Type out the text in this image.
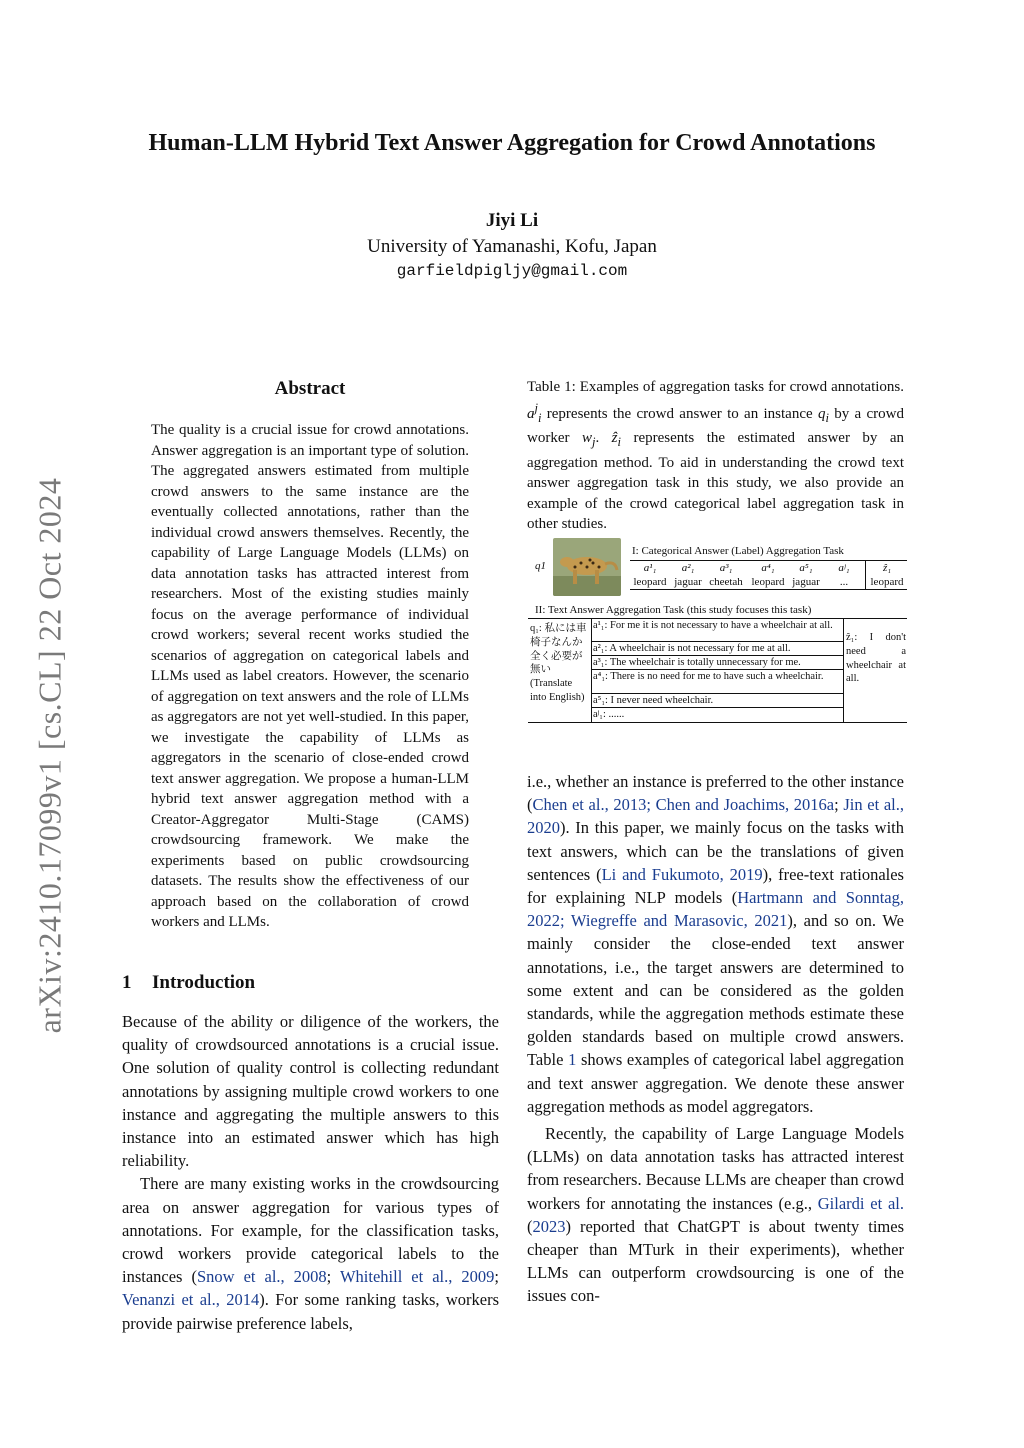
arXiv:2410.17099v1 [cs.CL] 22 Oct 2024
Human-LLM Hybrid Text Answer Aggregation for Crowd Annotations
Jiyi Li
University of Yamanashi, Kofu, Japan
garfieldpigljy@gmail.com
Abstract
The quality is a crucial issue for crowd annotations. Answer aggregation is an important type of solution. The aggregated answers estimated from multiple crowd answers to the same instance are the eventually collected annotations, rather than the individual crowd answers themselves. Recently, the capability of Large Language Models (LLMs) on data annotation tasks has attracted interest from researchers. Most of the existing studies mainly focus on the average performance of individual crowd workers; several recent works studied the scenarios of aggregation on categorical labels and LLMs used as label creators. However, the scenario of aggregation on text answers and the role of LLMs as aggregators are not yet well-studied. In this paper, we investigate the capability of LLMs as aggregators in the scenario of close-ended crowd text answer aggregation. We propose a human-LLM hybrid text answer aggregation method with a Creator-Aggregator Multi-Stage (CAMS) crowdsourcing framework. We make the experiments based on public crowdsourcing datasets. The results show the effectiveness of our approach based on the collaboration of crowd workers and LLMs.
1 Introduction

Because of the ability or diligence of the workers, the quality of crowdsourced annotations is a crucial issue. One solution of quality control is collecting redundant annotations by assigning multiple crowd workers to one instance and aggregating the multiple answers to this instance into an estimated answer which has high reliability.

There are many existing works in the crowdsourcing area on answer aggregation for various types of annotations. For example, for the classification tasks, crowd workers provide categorical labels to the instances (Snow et al., 2008; Whitehill et al., 2009; Venanzi et al., 2014). For some ranking tasks, workers provide pairwise preference labels,

Table 1: Examples of aggregation tasks for crowd annotations. $a^j_i$ represents the crowd answer to an instance $q_i$ by a crowd worker $w_j$. ẑ$_i$ represents the estimated answer by an aggregation method. To aid in understanding the crowd text answer aggregation task in this study, we also provide an example of the crowd categorical label aggregation task in other studies.
q1
I: Categorical Answer (Label) Aggregation Task
a¹₁	a²₁	a³₁	a⁴₁	a⁵₁	aʲ₁	ẑ₁
leopard jaguar cheetah leopard jaguar	...	leopard
II: Text Answer Aggregation Task (this study focuses this task)
q₁: 私には車椅子なんか全く必要が無い (Translate into English)
a¹₁: For me it is not necessary to have a wheelchair at all.
a²₁: A wheelchair is not necessary for me at all.
a³₁: The wheelchair is totally unnecessary for me.
a⁴₁: There is no need for me to have such a wheelchair.
a⁵₁: I never need wheelchair.
aʲ₁: ......
ẑ₁: I don't need a wheelchair at all.

i.e., whether an instance is preferred to the other instance (Chen et al., 2013; Chen and Joachims, 2016a; Jin et al., 2020). In this paper, we mainly focus on the tasks with text answers, which can be the translations of given sentences (Li and Fukumoto, 2019), free-text rationales for explaining NLP models (Hartmann and Sonntag, 2022; Wiegreffe and Marasovic, 2021), and so on. We mainly consider the close-ended text answer annotations, i.e., the target answers are determined to some extent and can be considered as the golden standards, while the aggregation methods estimate these golden standards based on multiple crowd answers. Table 1 shows examples of categorical label aggregation and text answer aggregation. We denote these answer aggregation methods as model aggregators.

Recently, the capability of Large Language Models (LLMs) on data annotation tasks has attracted interest from researchers. Because LLMs are cheaper than crowd workers for annotating the instances (e.g., Gilardi et al. (2023) reported that ChatGPT is about twenty times cheaper than MTurk in their experiments), whether LLMs can outperform crowdsourcing is one of the issues con-
